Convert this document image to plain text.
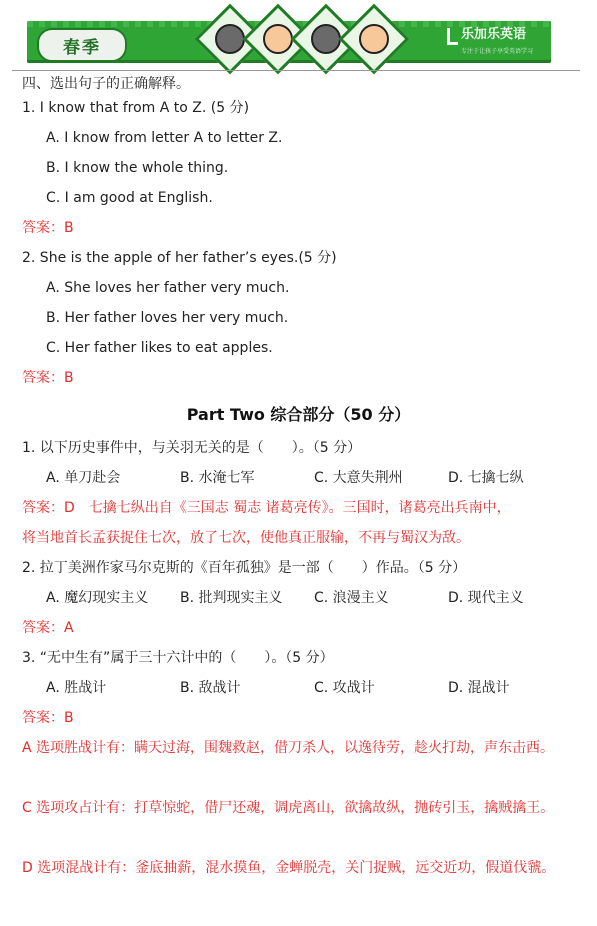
春季
乐加乐英语
专注于让孩子享受英语学习
四、选出句子的正确解释。
1. I know that from A to Z. (5 分)
A. I know from letter A to letter Z.
B. I know the whole thing.
C. I am good at English.
答案：B
2. She is the apple of her father’s eyes.(5 分)
A. She loves her father very much.
B. Her father loves her very much.
C. Her father likes to eat apples.
答案：B
Part Two 综合部分（50 分）
1. 以下历史事件中，与关羽无关的是（　　）。（5 分）
A. 单刀赴会	B. 水淹七军	C. 大意失荆州	D. 七擒七纵
答案：D　七擒七纵出自《三国志 蜀志 诸葛亮传》。三国时，诸葛亮出兵南中，
将当地首长孟获捉住七次，放了七次，使他真正服输，不再与蜀汉为敌。
2. 拉丁美洲作家马尔克斯的《百年孤独》是一部（　　）作品。（5 分）
A. 魔幻现实主义 B. 批判现实主义 C. 浪漫主义	D. 现代主义
答案：A
3. “无中生有”属于三十六计中的（　　）。（5 分）
A. 胜战计	B. 敌战计	C. 攻战计	D. 混战计
答案：B
A 选项胜战计有：瞒天过海，围魏救赵，借刀杀人，以逸待劳，趁火打劫，声东击西。
C 选项攻占计有：打草惊蛇，借尸还魂，调虎离山，欲擒故纵，抛砖引玉，擒贼擒王。
D 选项混战计有：釜底抽薪，混水摸鱼，金蝉脱壳，关门捉贼，远交近功，假道伐虢。
